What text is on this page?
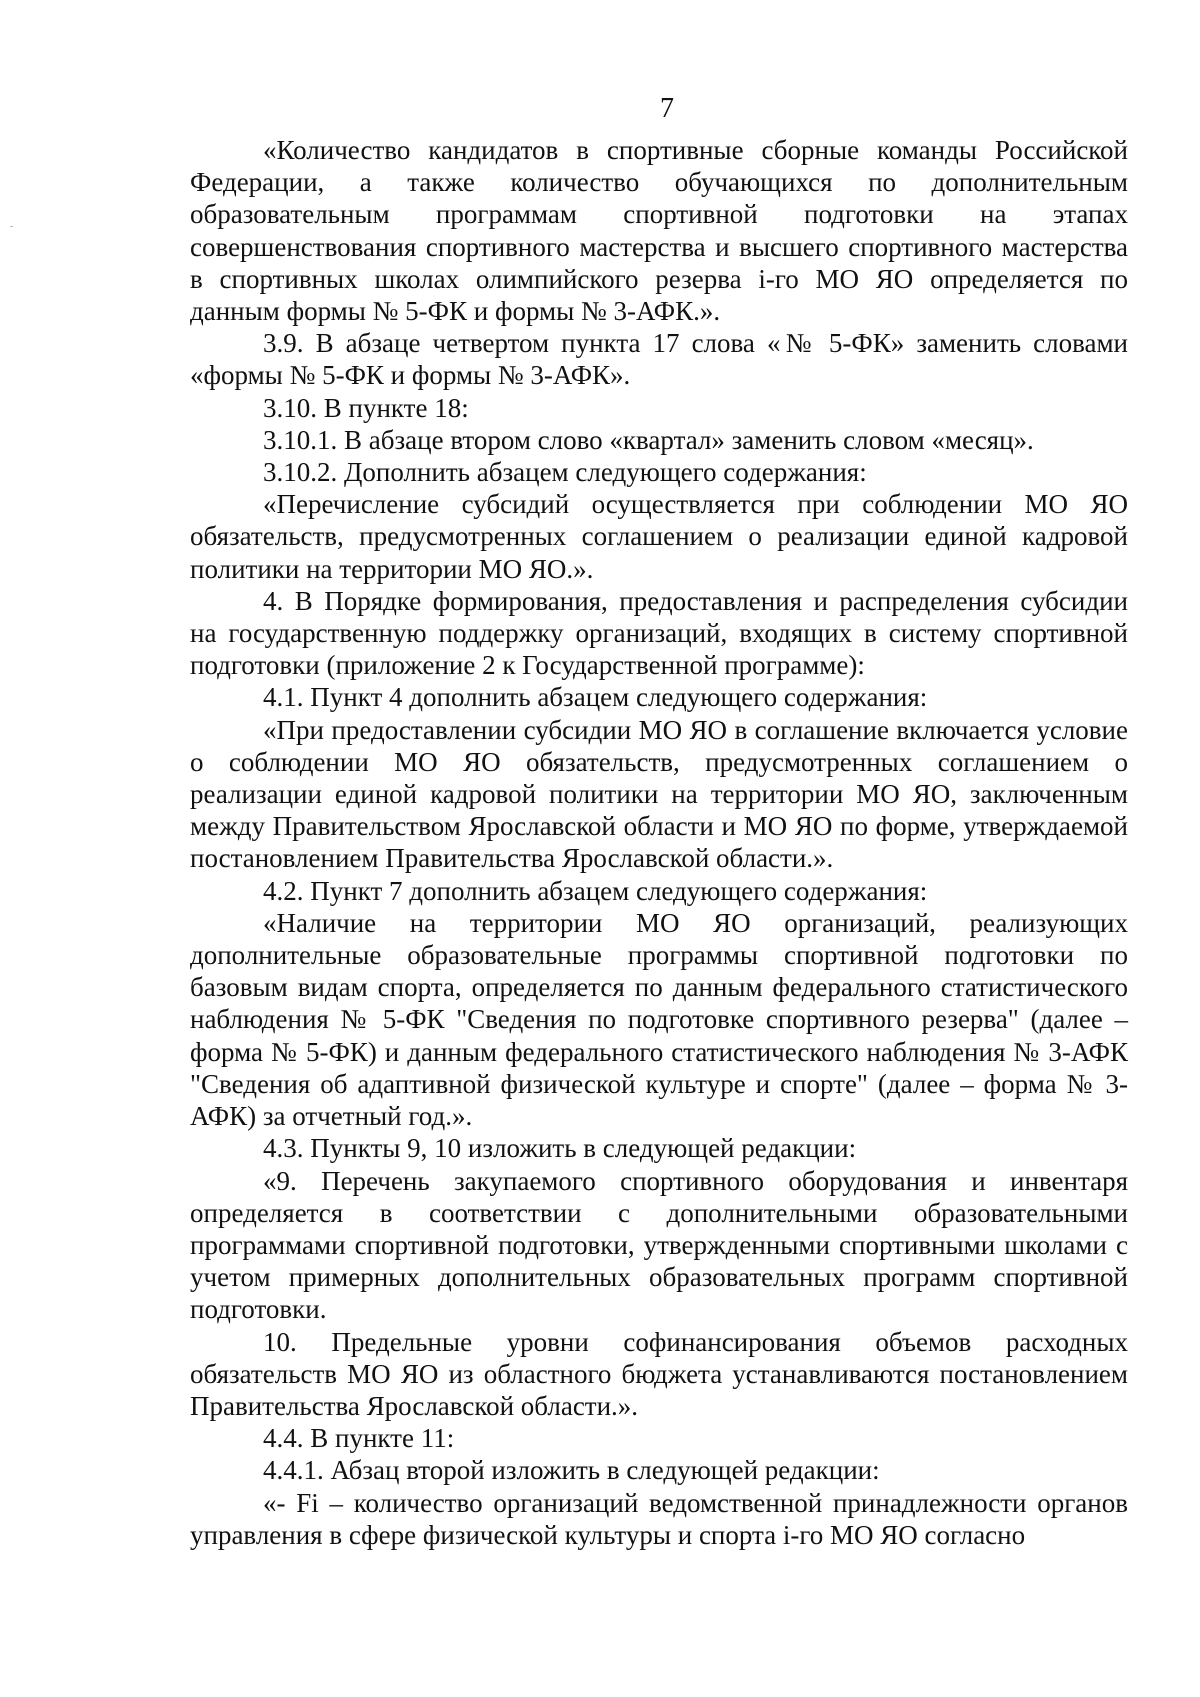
7

«Количество кандидатов в спортивные сборные команды Российской Федерации, а также количество обучающихся по дополнительным образовательным программам спортивной подготовки на этапах совершенствования спортивного мастерства и высшего спортивного мастерства в спортивных школах олимпийского резерва i-го МО ЯО определяется по данным формы № 5-ФК и формы № 3-АФК.».

3.9. В абзаце четвертом пункта 17 слова «№ 5-ФК» заменить словами «формы № 5-ФК и формы № 3-АФК».

3.10. В пункте 18:

3.10.1. В абзаце втором слово «квартал» заменить словом «месяц».

3.10.2. Дополнить абзацем следующего содержания:

«Перечисление субсидий осуществляется при соблюдении МО ЯО обязательств, предусмотренных соглашением о реализации единой кадровой политики на территории МО ЯО.».

4. В Порядке формирования, предоставления и распределения субсидии на государственную поддержку организаций, входящих в систему спортивной подготовки (приложение 2 к Государственной программе):

4.1. Пункт 4 дополнить абзацем следующего содержания:

«При предоставлении субсидии МО ЯО в соглашение включается условие о соблюдении МО ЯО обязательств, предусмотренных соглашением о реализации единой кадровой политики на территории МО ЯО, заключенным между Правительством Ярославской области и МО ЯО по форме, утверждаемой постановлением Правительства Ярославской области.».

4.2. Пункт 7 дополнить абзацем следующего содержания:

«Наличие на территории МО ЯО организаций, реализующих дополнительные образовательные программы спортивной подготовки по базовым видам спорта, определяется по данным федерального статистического наблюдения № 5-ФК "Сведения по подготовке спортивного резерва" (далее – форма № 5-ФК) и данным федерального статистического наблюдения № 3-АФК "Сведения об адаптивной физической культуре и спорте" (далее – форма № 3-АФК) за отчетный год.».

4.3. Пункты 9, 10 изложить в следующей редакции:

«9. Перечень закупаемого спортивного оборудования и инвентаря определяется в соответствии с дополнительными образовательными программами спортивной подготовки, утвержденными спортивными школами с учетом примерных дополнительных образовательных программ спортивной подготовки.

10. Предельные уровни софинансирования объемов расходных обязательств МО ЯО из областного бюджета устанавливаются постановлением Правительства Ярославской области.».

4.4. В пункте 11:

4.4.1. Абзац второй изложить в следующей редакции:

«- Fi – количество организаций ведомственной принадлежности органов управления в сфере физической культуры и спорта i-го МО ЯО согласно
